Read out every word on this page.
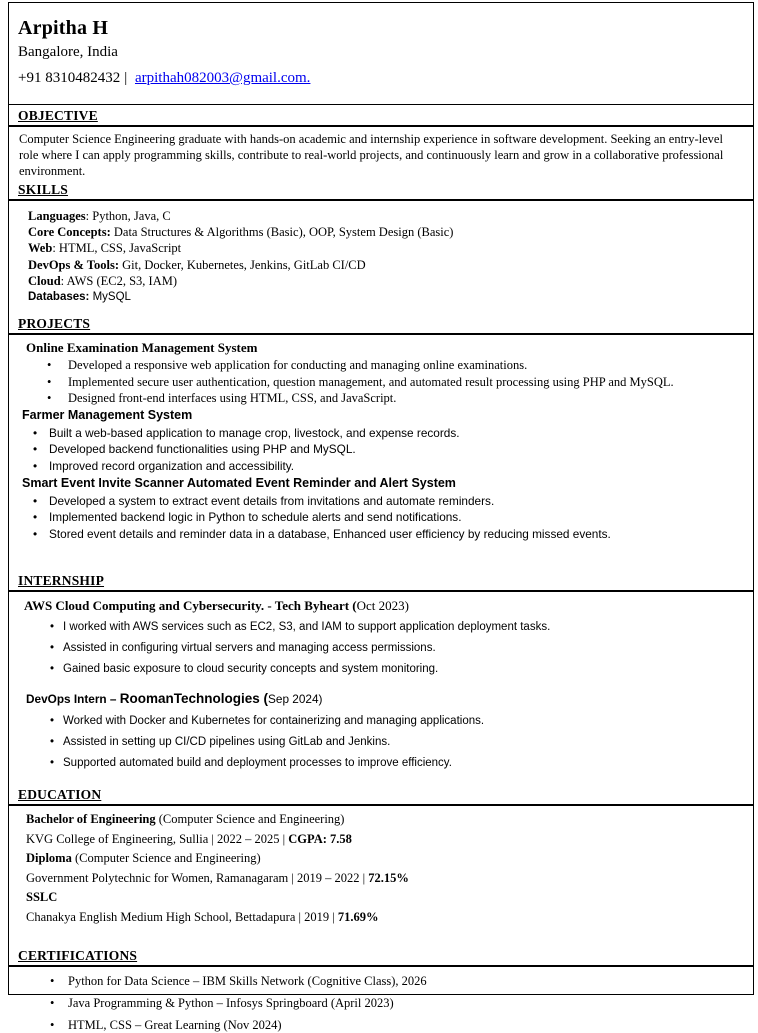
Arpitha H
Bangalore, India
+91 8310482432 | arpithah082003@gmail.com.
OBJECTIVE

Computer Science Engineering graduate with hands-on academic and internship experience in software development. Seeking an entry-level role where I can apply programming skills, contribute to real-world projects, and continuously learn and grow in a collaborative professional environment.

SKILLS
Languages: Python, Java, C
Core Concepts: Data Structures & Algorithms (Basic), OOP, System Design (Basic)
Web: HTML, CSS, JavaScript
DevOps & Tools: Git, Docker, Kubernetes, Jenkins, GitLab CI/CD
Cloud: AWS (EC2, S3, IAM)
Databases: MySQL
PROJECTS
Online Examination Management System
•
Developed a responsive web application for conducting and managing online examinations.
•
Implemented secure user authentication, question management, and automated result processing using PHP and MySQL.
•
Designed front-end interfaces using HTML, CSS, and JavaScript.
Farmer Management System
•
Built a web-based application to manage crop, livestock, and expense records.
•
Developed backend functionalities using PHP and MySQL.
•
Improved record organization and accessibility.
Smart Event Invite Scanner Automated Event Reminder and Alert System
•
Developed a system to extract event details from invitations and automate reminders.
•
Implemented backend logic in Python to schedule alerts and send notifications.
•
Stored event details and reminder data in a database, Enhanced user efficiency by reducing missed events.
INTERNSHIP
AWS Cloud Computing and Cybersecurity. - Tech Byheart (Oct 2023)
•
I worked with AWS services such as EC2, S3, and IAM to support application deployment tasks.
•
Assisted in configuring virtual servers and managing access permissions.
•
Gained basic exposure to cloud security concepts and system monitoring.
DevOps Intern – RoomanTechnologies (Sep 2024)
•
Worked with Docker and Kubernetes for containerizing and managing applications.
•
Assisted in setting up CI/CD pipelines using GitLab and Jenkins.
•
Supported automated build and deployment processes to improve efficiency.
EDUCATION
Bachelor of Engineering (Computer Science and Engineering)
KVG College of Engineering, Sullia | 2022 – 2025 | CGPA: 7.58
Diploma (Computer Science and Engineering)
Government Polytechnic for Women, Ramanagaram | 2019 – 2022 | 72.15%
SSLC
Chanakya English Medium High School, Bettadapura | 2019 | 71.69%
CERTIFICATIONS
•
Python for Data Science – IBM Skills Network (Cognitive Class), 2026
•
Java Programming & Python – Infosys Springboard (April 2023)
•
HTML, CSS – Great Learning (Nov 2024)
